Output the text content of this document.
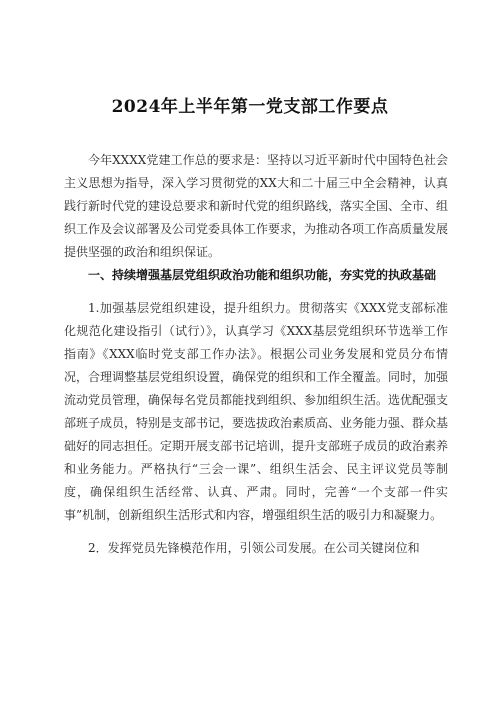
2024年上半年第一党支部工作要点

今年XXXX党建工作总的要求是：坚持以习近平新时代中国特色社会主义思想为指导，深入学习贯彻党的XX大和二十届三中全会精神，认真践行新时代党的建设总要求和新时代党的组织路线，落实全国、全市、组织工作及会议部署及公司党委具体工作要求，为推动各项工作高质量发展提供坚强的政治和组织保证。

一、持续增强基层党组织政治功能和组织功能，夯实党的执政基础

1.加强基层党组织建设，提升组织力。贯彻落实《XXX党支部标准化规范化建设指引（试行）》，认真学习《XXX基层党组织环节选举工作指南》《XXX临时党支部工作办法》。根据公司业务发展和党员分布情况，合理调整基层党组织设置，确保党的组织和工作全覆盖。同时，加强流动党员管理，确保每名党员都能找到组织、参加组织生活。选优配强支部班子成员，特别是支部书记，要选拔政治素质高、业务能力强、群众基础好的同志担任。定期开展支部书记培训，提升支部班子成员的政治素养和业务能力。严格执行“三会一课”、组织生活会、民主评议党员等制度，确保组织生活经常、认真、严肃。同时，完善“一个支部一件实事”机制，创新组织生活形式和内容，增强组织生活的吸引力和凝聚力。

2．发挥党员先锋模范作用，引领公司发展。在公司关键岗位和
